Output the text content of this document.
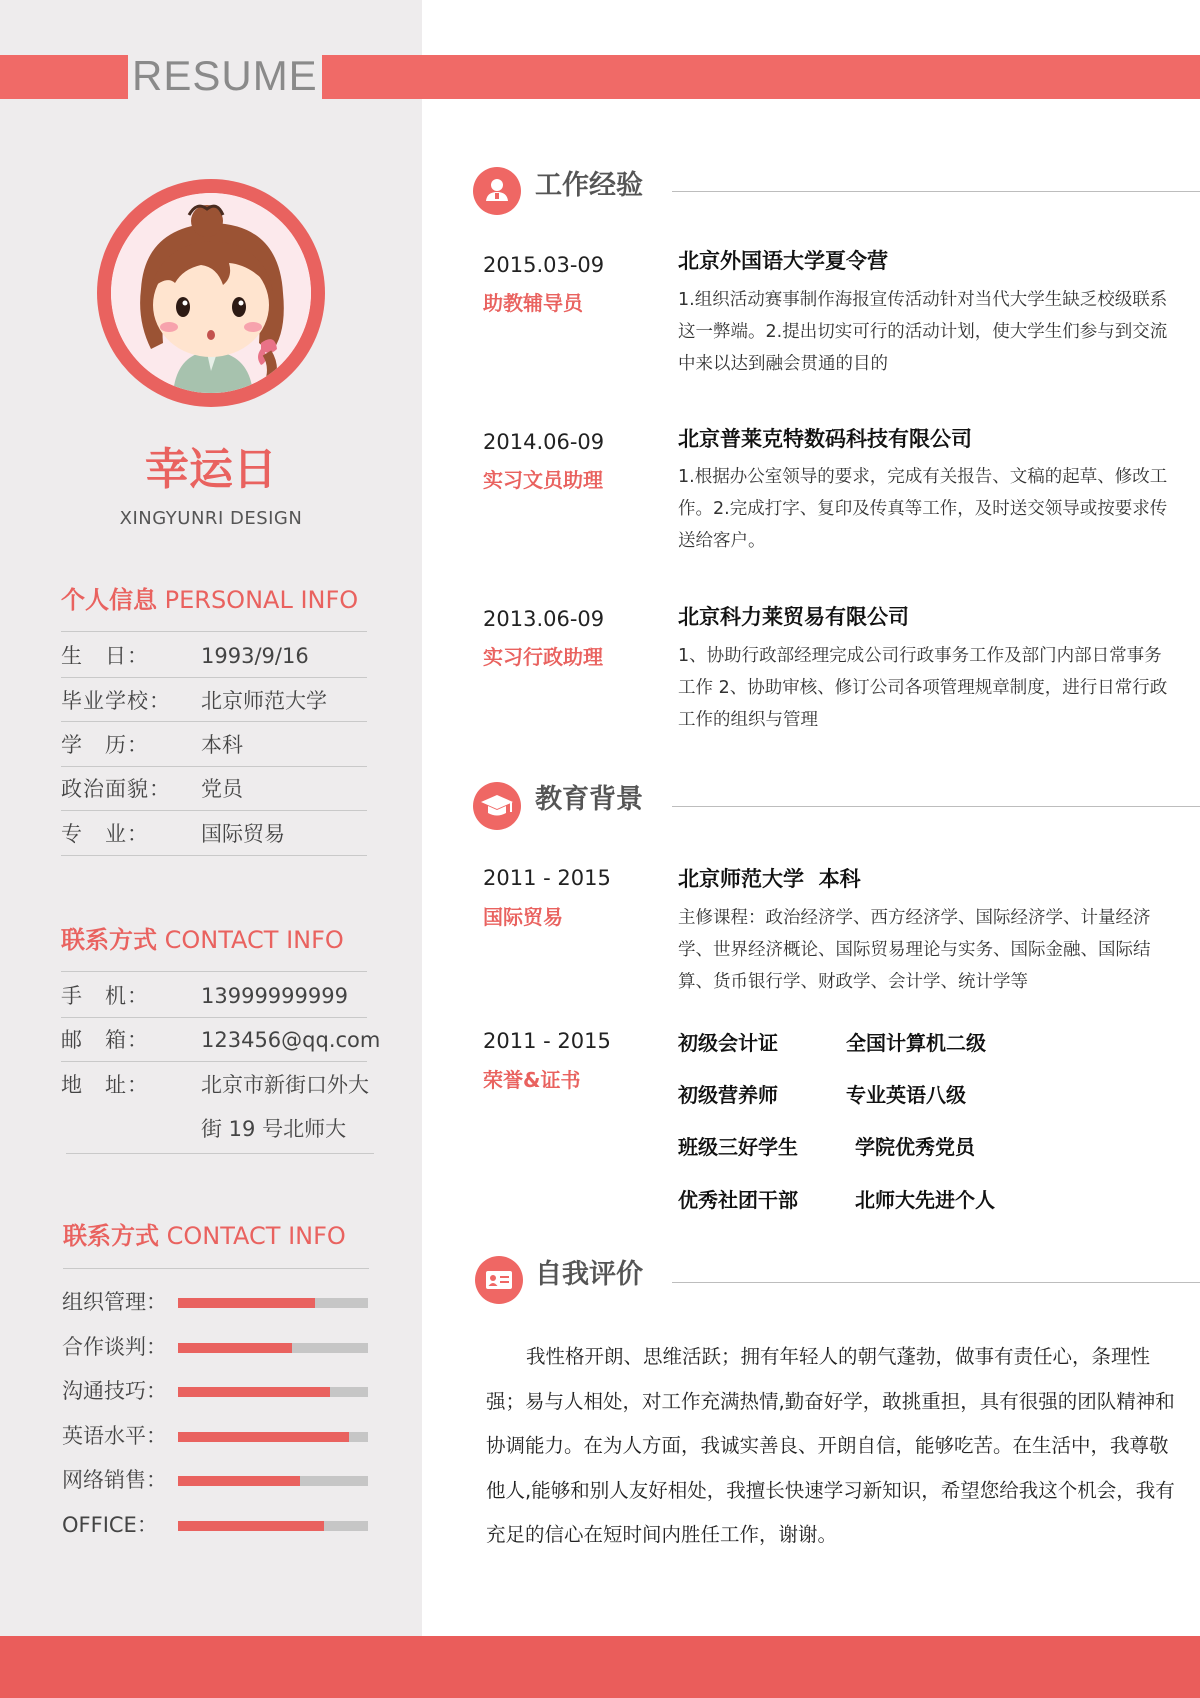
RESUME
幸运日
XINGYUNRI DESIGN
个人信息 PERSONAL INFO
生　日： 1993/9/16
毕业学校： 北京师范大学
学　历： 本科
政治面貌： 党员
专　业： 国际贸易
联系方式 CONTACT INFO
手　机： 13999999999
邮　箱： 123456@qq.com
地　址： 北京市新街口外大街 19 号北师大
联系方式 CONTACT INFO
组织管理：
合作谈判：
沟通技巧：
英语水平：
网络销售：
OFFICE：
工作经验
2015.03-09
助教辅导员
北京外国语大学夏令营
1.组织活动赛事制作海报宣传活动针对当代大学生缺乏校级联系这一弊端。2.提出切实可行的活动计划，使大学生们参与到交流中来以达到融会贯通的目的
2014.06-09
实习文员助理
北京普莱克特数码科技有限公司
1.根据办公室领导的要求，完成有关报告、文稿的起草、修改工作。2.完成打字、复印及传真等工作，及时送交领导或按要求传送给客户。
2013.06-09
实习行政助理
北京科力莱贸易有限公司
1、协助行政部经理完成公司行政事务工作及部门内部日常事务工作 2、协助审核、修订公司各项管理规章制度，进行日常行政工作的组织与管理
教育背景
2011 - 2015
国际贸易
北京师范大学  本科
主修课程：政治经济学、西方经济学、国际经济学、计量经济学、世界经济概论、国际贸易理论与实务、国际金融、国际结算、货币银行学、财政学、会计学、统计学等
2011 - 2015
荣誉&证书
初级会计证	全国计算机二级
初级营养师	专业英语八级
班级三好学生	学院优秀党员
优秀社团干部	北师大先进个人
自我评价
我性格开朗、思维活跃；拥有年轻人的朝气蓬勃，做事有责任心，条理性强；易与人相处，对工作充满热情,勤奋好学，敢挑重担，具有很强的团队精神和协调能力。在为人方面，我诚实善良、开朗自信，能够吃苦。在生活中，我尊敬他人,能够和别人友好相处，我擅长快速学习新知识，希望您给我这个机会，我有充足的信心在短时间内胜任工作，谢谢。
